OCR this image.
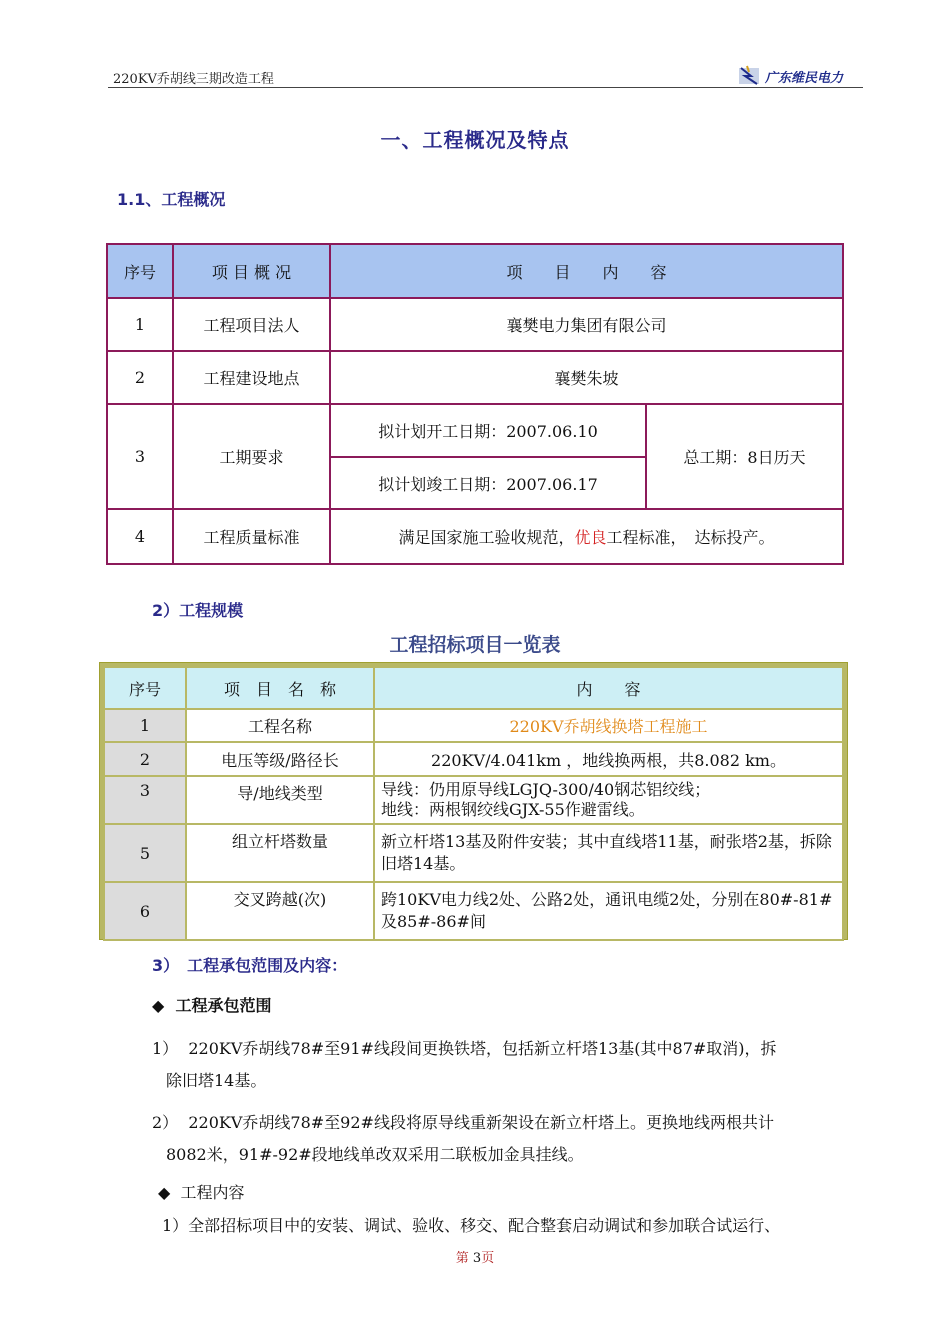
220KV乔胡线三期改造工程	广东维民电力
一、工程概况及特点
1.1、工程概况
序号	项 目 概 况	项　　目　　内　　容	
1	工程项目法人	襄樊电力集团有限公司	
2	工程建设地点	襄樊朱坡	
3	工期要求	拟计划开工日期：2007.06.10	总工期：8日历天
		拟计划竣工日期：2007.06.17	
4	工程质量标准	满足国家施工验收规范，优良工程标准，　达标投产。	
2）工程规模
工程招标项目一览表
序号	项　目　名　称	内　　容
1	工程名称	220KV乔胡线换塔工程施工
2	电压等级/路径长	220KV/4.041km ，地线换两根，共8.082 km。
3	导/地线类型	导线：仍用原导线LGJQ-300/40钢芯铝绞线；
地线：两根钢绞线GJX-55作避雷线。

5	组立杆塔数量	新立杆塔13基及附件安装；其中直线塔11基，耐张塔2基，拆除旧塔14基。
6	交叉跨越(次)	跨10KV电力线2处、公路2处，通讯电缆2处，分别在80#-81#及85#-86#间
3）　工程承包范围及内容：
◆ 工程承包范围
1） 220KV乔胡线78#至91#线段间更换铁塔，包括新立杆塔13基(其中87#取消)，拆
除旧塔14基。
2） 220KV乔胡线78#至92#线段将原导线重新架设在新立杆塔上。更换地线两根共计
8082米，91#-92#段地线单改双采用二联板加金具挂线。
◆ 工程内容
1）全部招标项目中的安装、调试、验收、移交、配合整套启动调试和参加联合试运行、
第 3页
